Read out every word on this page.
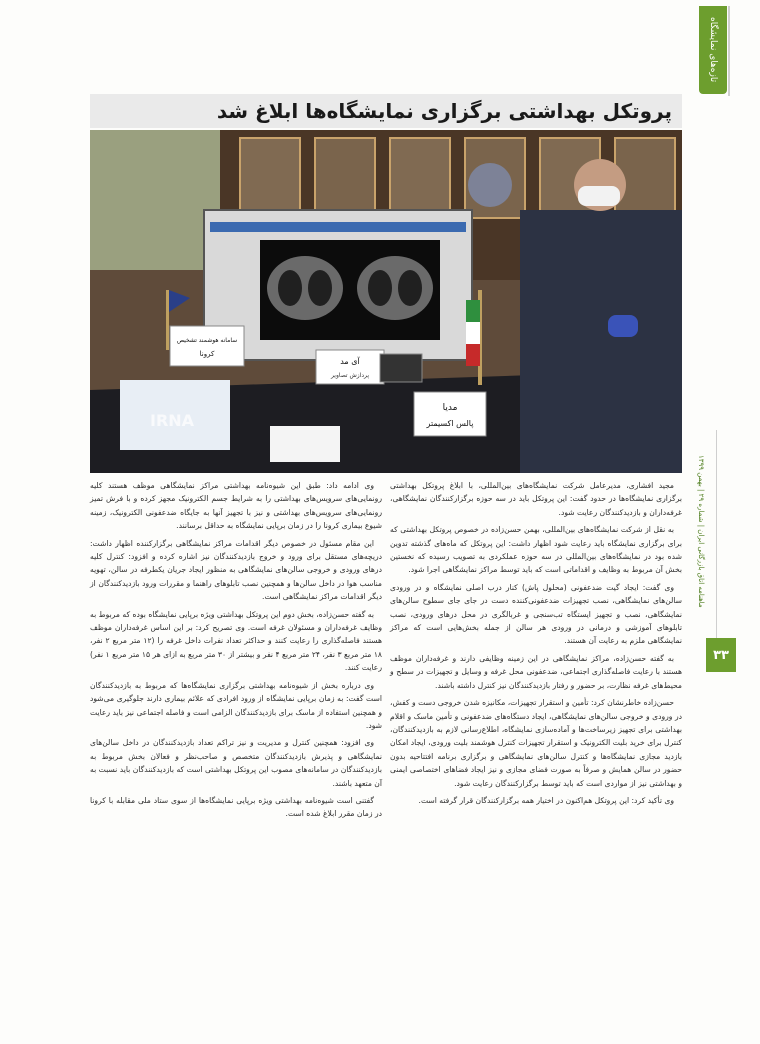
تازه‌های نمایشگاه
پروتکل بهداشتی برگزاری نمایشگاه‌ها ابلاغ شد
مدیا
پالس اکسیمتر
آی مد
پردازش تصاویر
سامانه هوشمند تشخیص
کرونا
IRNA
ماهنامه اتاق بازرگانی ایران | شماره ۲۹ | بهمن ۱۳۹۹
۳۳

مجید افشاری، مدیرعامل شرکت نمایشگاه‌های بین‌المللی، با ابلاغ پروتکل بهداشتی برگزاری نمایشگاه‌ها در حدود گفت: این پروتکل باید در سه حوزه برگزارکنندگان نمایشگاهی، غرفه‌داران و بازدیدکنندگان رعایت شود.

به نقل از شرکت نمایشگاه‌های بین‌المللی، بهمن حسن‌زاده در خصوص پروتکل بهداشتی که برای برگزاری نمایشگاه باید رعایت شود اظهار داشت: این پروتکل که ماه‌های گذشته تدوین شده بود در نمایشگاه‌های بین‌المللی در سه حوزه عملکردی به تصویب رسیده که نخستین بخش آن مربوط به وظایف و اقداماتی است که باید توسط مراکز نمایشگاهی اجرا شود.

وی گفت: ایجاد گیت ضدعفونی (محلول پاش) کنار درب اصلی نمایشگاه و در ورودی سالن‌های نمایشگاهی، نصب تجهیزات ضدعفونی‌کننده دست در جای جای سطوح سالن‌های نمایشگاهی، نصب و تجهیز ایستگاه تب‌سنجی و غربالگری در محل درهای ورودی، نصب تابلوهای آموزشی و درمانی در ورودی هر سالن از جمله بخش‌هایی است که مراکز نمایشگاهی ملزم به رعایت آن هستند.

به گفته حسن‌زاده، مراکز نمایشگاهی در این زمینه وظایفی دارند و غرفه‌داران موظف هستند با رعایت فاصله‌گذاری اجتماعی، ضدعفونی محل غرفه و وسایل و تجهیزات در سطح و محیط‌های غرفه نظارت، بر حضور و رفتار بازدیدکنندگان نیز کنترل داشته باشند.

حسن‌زاده خاطرنشان کرد: تأمین و استقرار تجهیزات، مکانیزه شدن خروجی دست و کفش، در ورودی و خروجی سالن‌های نمایشگاهی، ایجاد دستگاه‌های ضدعفونی و تأمین ماسک و اقلام بهداشتی برای تجهیز زیرساخت‌ها و آماده‌سازی نمایشگاه، اطلاع‌رسانی لازم به بازدیدکنندگان، کنترل برای خرید بلیت الکترونیک و استقرار تجهیزات کنترل هوشمند بلیت ورودی، ایجاد امکان بازدید مجازی نمایشگاه‌ها و کنترل سالن‌های نمایشگاهی و برگزاری برنامه افتتاحیه بدون حضور در سالن همایش و صرفاً به صورت فضای مجازی و نیز ایجاد فضاهای اختصاصی ایمنی و بهداشتی نیز از مواردی است که باید توسط برگزارکنندگان رعایت شود.

وی تأکید کرد: این پروتکل هم‌اکنون در اختیار همه برگزارکنندگان قرار گرفته است.

وی ادامه داد: طبق این شیوه‌نامه بهداشتی مراکز نمایشگاهی موظف هستند کلیه رونمایی‌های سرویس‌های بهداشتی را به شرایط جسم الکترونیک مجهز کرده و با فرش تمیز رونمایی‌های سرویس‌های بهداشتی و نیز با تجهیز آنها به جایگاه ضدعفونی الکترونیک، زمینه شیوع بیماری کرونا را در زمان برپایی نمایشگاه به حداقل برسانند.

این مقام مسئول در خصوص دیگر اقدامات مراکز نمایشگاهی برگزارکننده اظهار داشت: دریچه‌های مستقل برای ورود و خروج بازدیدکنندگان نیز اشاره کرده و افزود: کنترل کلیه درهای ورودی و خروجی سالن‌های نمایشگاهی به منظور ایجاد جریان یکطرفه در سالن، تهویه مناسب هوا در داخل سالن‌ها و همچنین نصب تابلوهای راهنما و مقررات ورود بازدیدکنندگان از دیگر اقدامات مراکز نمایشگاهی است.

به گفته حسن‌زاده، بخش دوم این پروتکل بهداشتی ویژه برپایی نمایشگاه بوده که مربوط به وظایف غرفه‌داران و مسئولان غرفه است. وی تصریح کرد: بر این اساس غرفه‌داران موظف هستند فاصله‌گذاری را رعایت کنند و حداکثر تعداد نفرات داخل غرفه را (۱۲ متر مربع ۲ نفر، ۱۸ متر مربع ۳ نفر، ۲۴ متر مربع ۴ نفر و بیشتر از ۳۰ متر مربع به ازای هر ۱۵ متر مربع ۱ نفر) رعایت کنند.

وی درباره بخش از شیوه‌نامه بهداشتی برگزاری نمایشگاه‌ها که مربوط به بازدیدکنندگان است گفت: به زمان برپایی نمایشگاه از ورود افرادی که علائم بیماری دارند جلوگیری می‌شود و همچنین استفاده از ماسک برای بازدیدکنندگان الزامی است و فاصله اجتماعی نیز باید رعایت شود.

وی افزود: همچنین کنترل و مدیریت و نیز تراکم تعداد بازدیدکنندگان در داخل سالن‌های نمایشگاهی و پذیرش بازدیدکنندگان متخصص و صاحب‌نظر و فعالان بخش مربوط به بازدیدکنندگان در سامانه‌های مصوب این پروتکل بهداشتی است که بازدیدکنندگان باید نسبت به آن متعهد باشند.

گفتنی است شیوه‌نامه بهداشتی ویژه برپایی نمایشگاه‌ها از سوی ستاد ملی مقابله با کرونا در زمان مقرر ابلاغ شده است.
